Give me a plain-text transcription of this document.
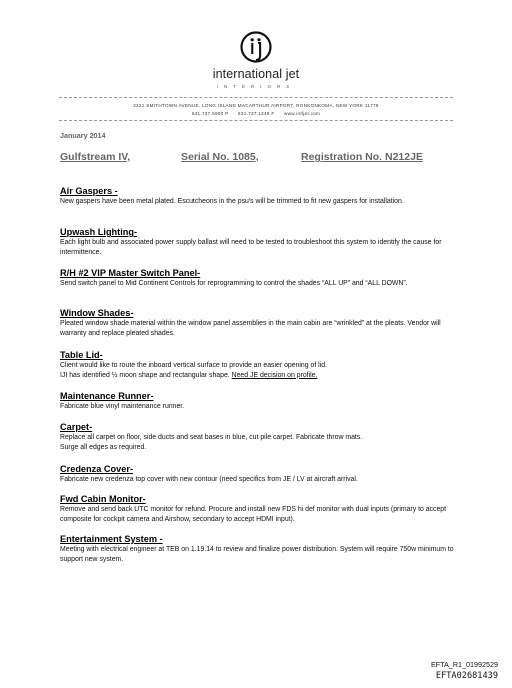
international jet
INTERIORS
2221 SMITHTOWN AVENUE, LONG ISLAND MACARTHUR AIRPORT, RONKONKOMA, NEW YORK 11779
631.737.5900 P 631.737.1249 F www.intljet.com
January 2014
Gulfstream IV,	Serial No. 1085,	Registration No. N212JE
Air Gaspers -

New gaspers have been metal plated. Escutcheons in the psu's will be trimmed to fit new gaspers for installation.

Upwash Lighting-

Each light bulb and associated power supply ballast will need to be tested to troubleshoot this system to identify the cause for intermittence.

R/H #2 VIP Master Switch Panel-

Send switch panel to Mid Continent Controls for reprogramming to control the shades “ALL UP” and “ALL DOWN”.

Window Shades-

Pleated window shade material within the window panel assemblies in the main cabin are “wrinkled” at the pleats. Vendor will warranty and replace pleated shades.

Table Lid-

Client would like to route the inboard vertical surface to provide an easier opening of lid.

IJI has identified ½ moon shape and rectangular shape. Need JE decision on profile.

Maintenance Runner-

Fabricate blue vinyl maintenance runner.

Carpet-

Replace all carpet on floor, side ducts and seat bases in blue, cut pile carpet. Fabricate throw mats.

Surge all edges as required.

Credenza Cover-

Fabricate new credenza top cover with new contour (need specifics from JE / LV at aircraft arrival.

Fwd Cabin Monitor-

Remove and send back UTC monitor for refund. Procure and install new FDS hi def monitor with dual inputs (primary to accept composite for cockpit camera and Airshow, secondary to accept HDMI input).

Entertainment System -

Meeting with electrical engineer at TEB on 1.19.14 to review and finalize power distribution. System will require 750w minimum to support new system.

EFTA_R1_01992529
EFTA02681439
